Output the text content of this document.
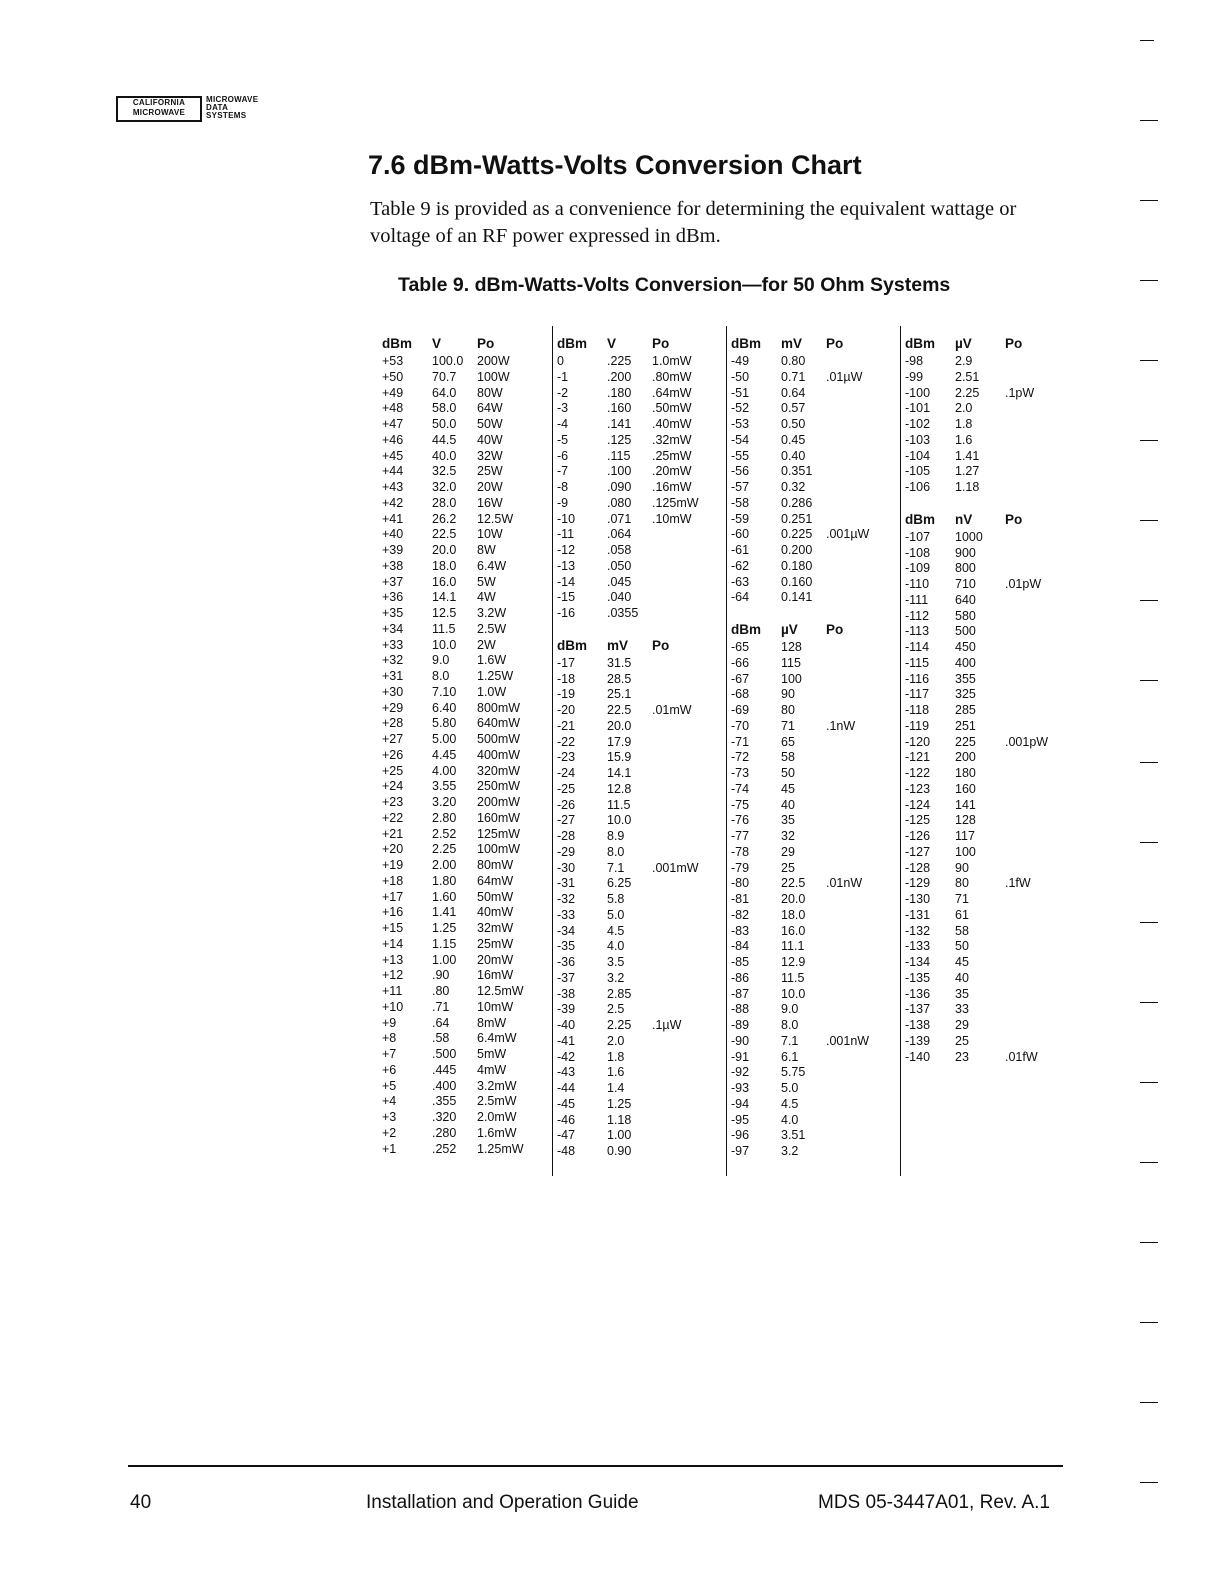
CALIFORNIA
MICROWAVE
MICROWAVE
DATA
SYSTEMS
7.6 dBm-Watts-Volts Conversion Chart
Table 9 is provided as a convenience for determining the equivalent wattage or voltage of an RF power expressed in dBm.
Table 9. dBm-Watts-Volts Conversion—for 50 Ohm Systems
dBm V	Po
+53 100.0 200W
+50 70.7 100W
+49 64.0 80W
+48 58.0 64W
+47 50.0 50W
+46 44.5 40W
+45 40.0 32W
+44 32.5 25W
+43 32.0 20W
+42 28.0 16W
+41 26.2 12.5W
+40 22.5 10W
+39 20.0 8W
+38 18.0 6.4W
+37 16.0 5W
+36 14.1 4W
+35 12.5 3.2W
+34 11.5 2.5W
+33 10.0 2W
+32 9.0 1.6W
+31 8.0 1.25W
+30 7.10 1.0W
+29 6.40 800mW
+28 5.80 640mW
+27 5.00 500mW
+26 4.45 400mW
+25 4.00 320mW
+24 3.55 250mW
+23 3.20 200mW
+22 2.80 160mW
+21 2.52 125mW
+20 2.25 100mW
+19 2.00 80mW
+18 1.80 64mW
+17 1.60 50mW
+16 1.41 40mW
+15 1.25 32mW
+14 1.15 25mW
+13 1.00 20mW
+12 .90 16mW
+11 .80 12.5mW
+10 .71 10mW
+9	.64 8mW
+8	.58 6.4mW
+7	.500 5mW
+6	.445 4mW
+5	.400 3.2mW
+4	.355 2.5mW
+3	.320 2.0mW
+2	.280 1.6mW
+1	.252 1.25mW
dBm V	Po
0	.225 1.0mW
-1	.200 .80mW
-2	.180 .64mW
-3	.160 .50mW
-4	.141 .40mW
-5	.125 .32mW
-6	.115 .25mW
-7	.100 .20mW
-8	.090 .16mW
-9	.080 .125mW
-10	.071 .10mW
-11	.064
-12	.058
-13	.050
-14	.045
-15	.040
-16	.0355
dBm mV Po
-17	31.5
-18	28.5
-19	25.1
-20	22.5 .01mW
-21	20.0
-22	17.9
-23	15.9
-24	14.1
-25	12.8
-26	11.5
-27	10.0
-28	8.9
-29	8.0
-30	7.1 .001mW
-31	6.25
-32	5.8
-33	5.0
-34	4.5
-35	4.0
-36	3.5
-37	3.2
-38	2.85
-39	2.5
-40	2.25 .1µW
-41	2.0
-42	1.8
-43	1.6
-44	1.4
-45	1.25
-46	1.18
-47	1.00
-48	0.90
dBm mV Po
-49	0.80
-50	0.71 .01µW
-51	0.64
-52	0.57
-53	0.50
-54	0.45
-55	0.40
-56	0.351
-57	0.32
-58	0.286
-59	0.251
-60	0.225 .001µW
-61	0.200
-62	0.180
-63	0.160
-64	0.141
dBm µV Po
-65	128
-66	115
-67	100
-68	90
-69	80
-70	71 .1nW
-71	65
-72	58
-73	50
-74	45
-75	40
-76	35
-77	32
-78	29
-79	25
-80	22.5 .01nW
-81	20.0
-82	18.0
-83	16.0
-84	11.1
-85	12.9
-86	11.5
-87	10.0
-88	9.0
-89	8.0
-90	7.1 .001nW
-91	6.1
-92	5.75
-93	5.0
-94	4.5
-95	4.0
-96	3.51
-97	3.2
dBm µV Po
-98	2.9
-99	2.51
-100 2.25 .1pW
-101 2.0
-102 1.8
-103 1.6
-104 1.41
-105 1.27
-106 1.18
dBm nV Po
-107 1000
-108 900
-109 800
-110 710 .01pW
-111 640
-112 580
-113 500
-114 450
-115 400
-116 355
-117 325
-118 285
-119 251
-120 225 .001pW
-121 200
-122 180
-123 160
-124 141
-125 128
-126 117
-127 100
-128 90
-129 80	.1fW
-130 71
-131 61
-132 58
-133 50
-134 45
-135 40
-136 35
-137 33
-138 29
-139 25
-140 23	.01fW
40	Installation and Operation Guide	MDS 05-3447A01, Rev. A.1
